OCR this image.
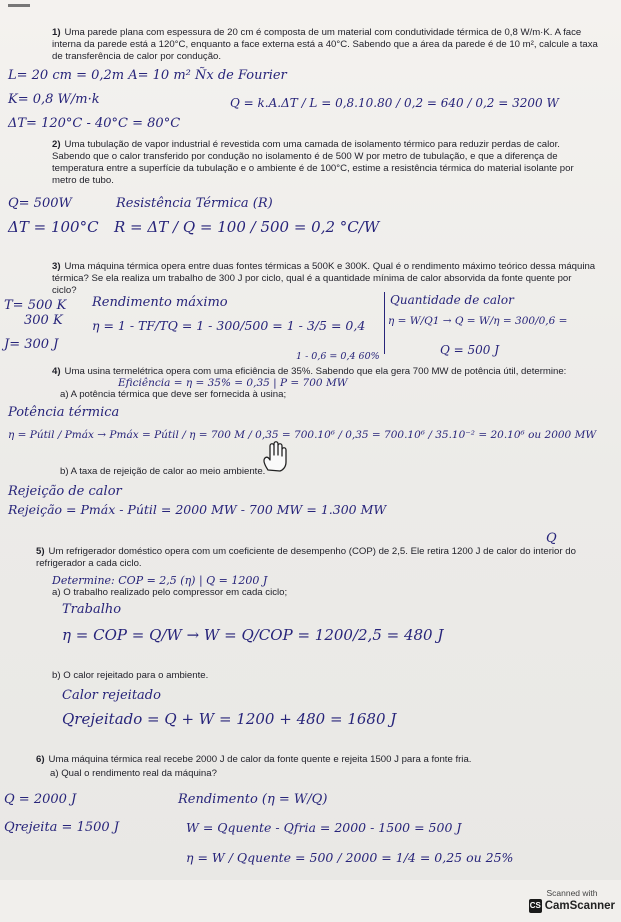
1) Uma parede plana com espessura de 20 cm é composta de um material com condutividade térmica de 0,8 W/m·K. A face interna da parede está a 120°C, enquanto a face externa está a 40°C. Sabendo que a área da parede é de 10 m², calcule a taxa de transferência de calor por condução.
L= 20 cm = 0,2m A= 10 m² Ñx de Fourier
K= 0,8 W/m·k
ΔT= 120°C - 40°C = 80°C
Q = k.A.ΔT / L = 0,8.10.80 / 0,2 = 640 / 0,2 = 3200 W
2) Uma tubulação de vapor industrial é revestida com uma camada de isolamento térmico para reduzir perdas de calor. Sabendo que o calor transferido por condução no isolamento é de 500 W por metro de tubulação, e que a diferença de temperatura entre a superfície da tubulação e o ambiente é de 100°C, estime a resistência térmica do material isolante por metro de tubo.
Q= 500W	Resistência Térmica (R)
ΔT = 100°C R = ΔT / Q = 100 / 500 = 0,2 °C/W
3) Uma máquina térmica opera entre duas fontes térmicas a 500K e 300K. Qual é o rendimento máximo teórico dessa máquina térmica? Se ela realiza um trabalho de 300 J por ciclo, qual é a quantidade mínima de calor absorvida da fonte quente por ciclo?
T= 500 K
300 K
J= 300 J
Rendimento máximo
η = 1 - TF/TQ = 1 - 300/500 = 1 - 3/5 = 0,4
1 - 0,6 = 0,4 60%
Quantidade de calor
η = W/Q1 → Q = W/η = 300/0,6 =
Q = 500 J
4) Uma usina termelétrica opera com uma eficiência de 35%. Sabendo que ela gera 700 MW de potência útil, determine:
Eficiência = η = 35% = 0,35 | P = 700 MW
a) A potência térmica que deve ser fornecida à usina;
Potência térmica
η = Pútil / Pmáx → Pmáx = Pútil / η = 700 M / 0,35 = 700.10⁶ / 0,35 = 700.10⁶ / 35.10⁻² = 20.10⁶ ou 2000 MW
b) A taxa de rejeição de calor ao meio ambiente.
Rejeição de calor
Rejeição = Pmáx - Pútil = 2000 MW - 700 MW = 1.300 MW
Q
5) Um refrigerador doméstico opera com um coeficiente de desempenho (COP) de 2,5. Ele retira 1200 J de calor do interior do refrigerador a cada ciclo.
Determine: COP = 2,5 (η) | Q = 1200 J
a) O trabalho realizado pelo compressor em cada ciclo;
Trabalho
η = COP = Q/W → W = Q/COP = 1200/2,5 = 480 J
b) O calor rejeitado para o ambiente.
Calor rejeitado
Qrejeitado = Q + W = 1200 + 480 = 1680 J
6) Uma máquina térmica real recebe 2000 J de calor da fonte quente e rejeita 1500 J para a fonte fria.
a) Qual o rendimento real da máquina?
Q = 2000 J	Rendimento (η = W/Q)
Qrejeita = 1500 J	W = Qquente - Qfria = 2000 - 1500 = 500 J
η = W / Qquente = 500 / 2000 = 1/4 = 0,25 ou 25%
Scanned with
CS CamScanner
